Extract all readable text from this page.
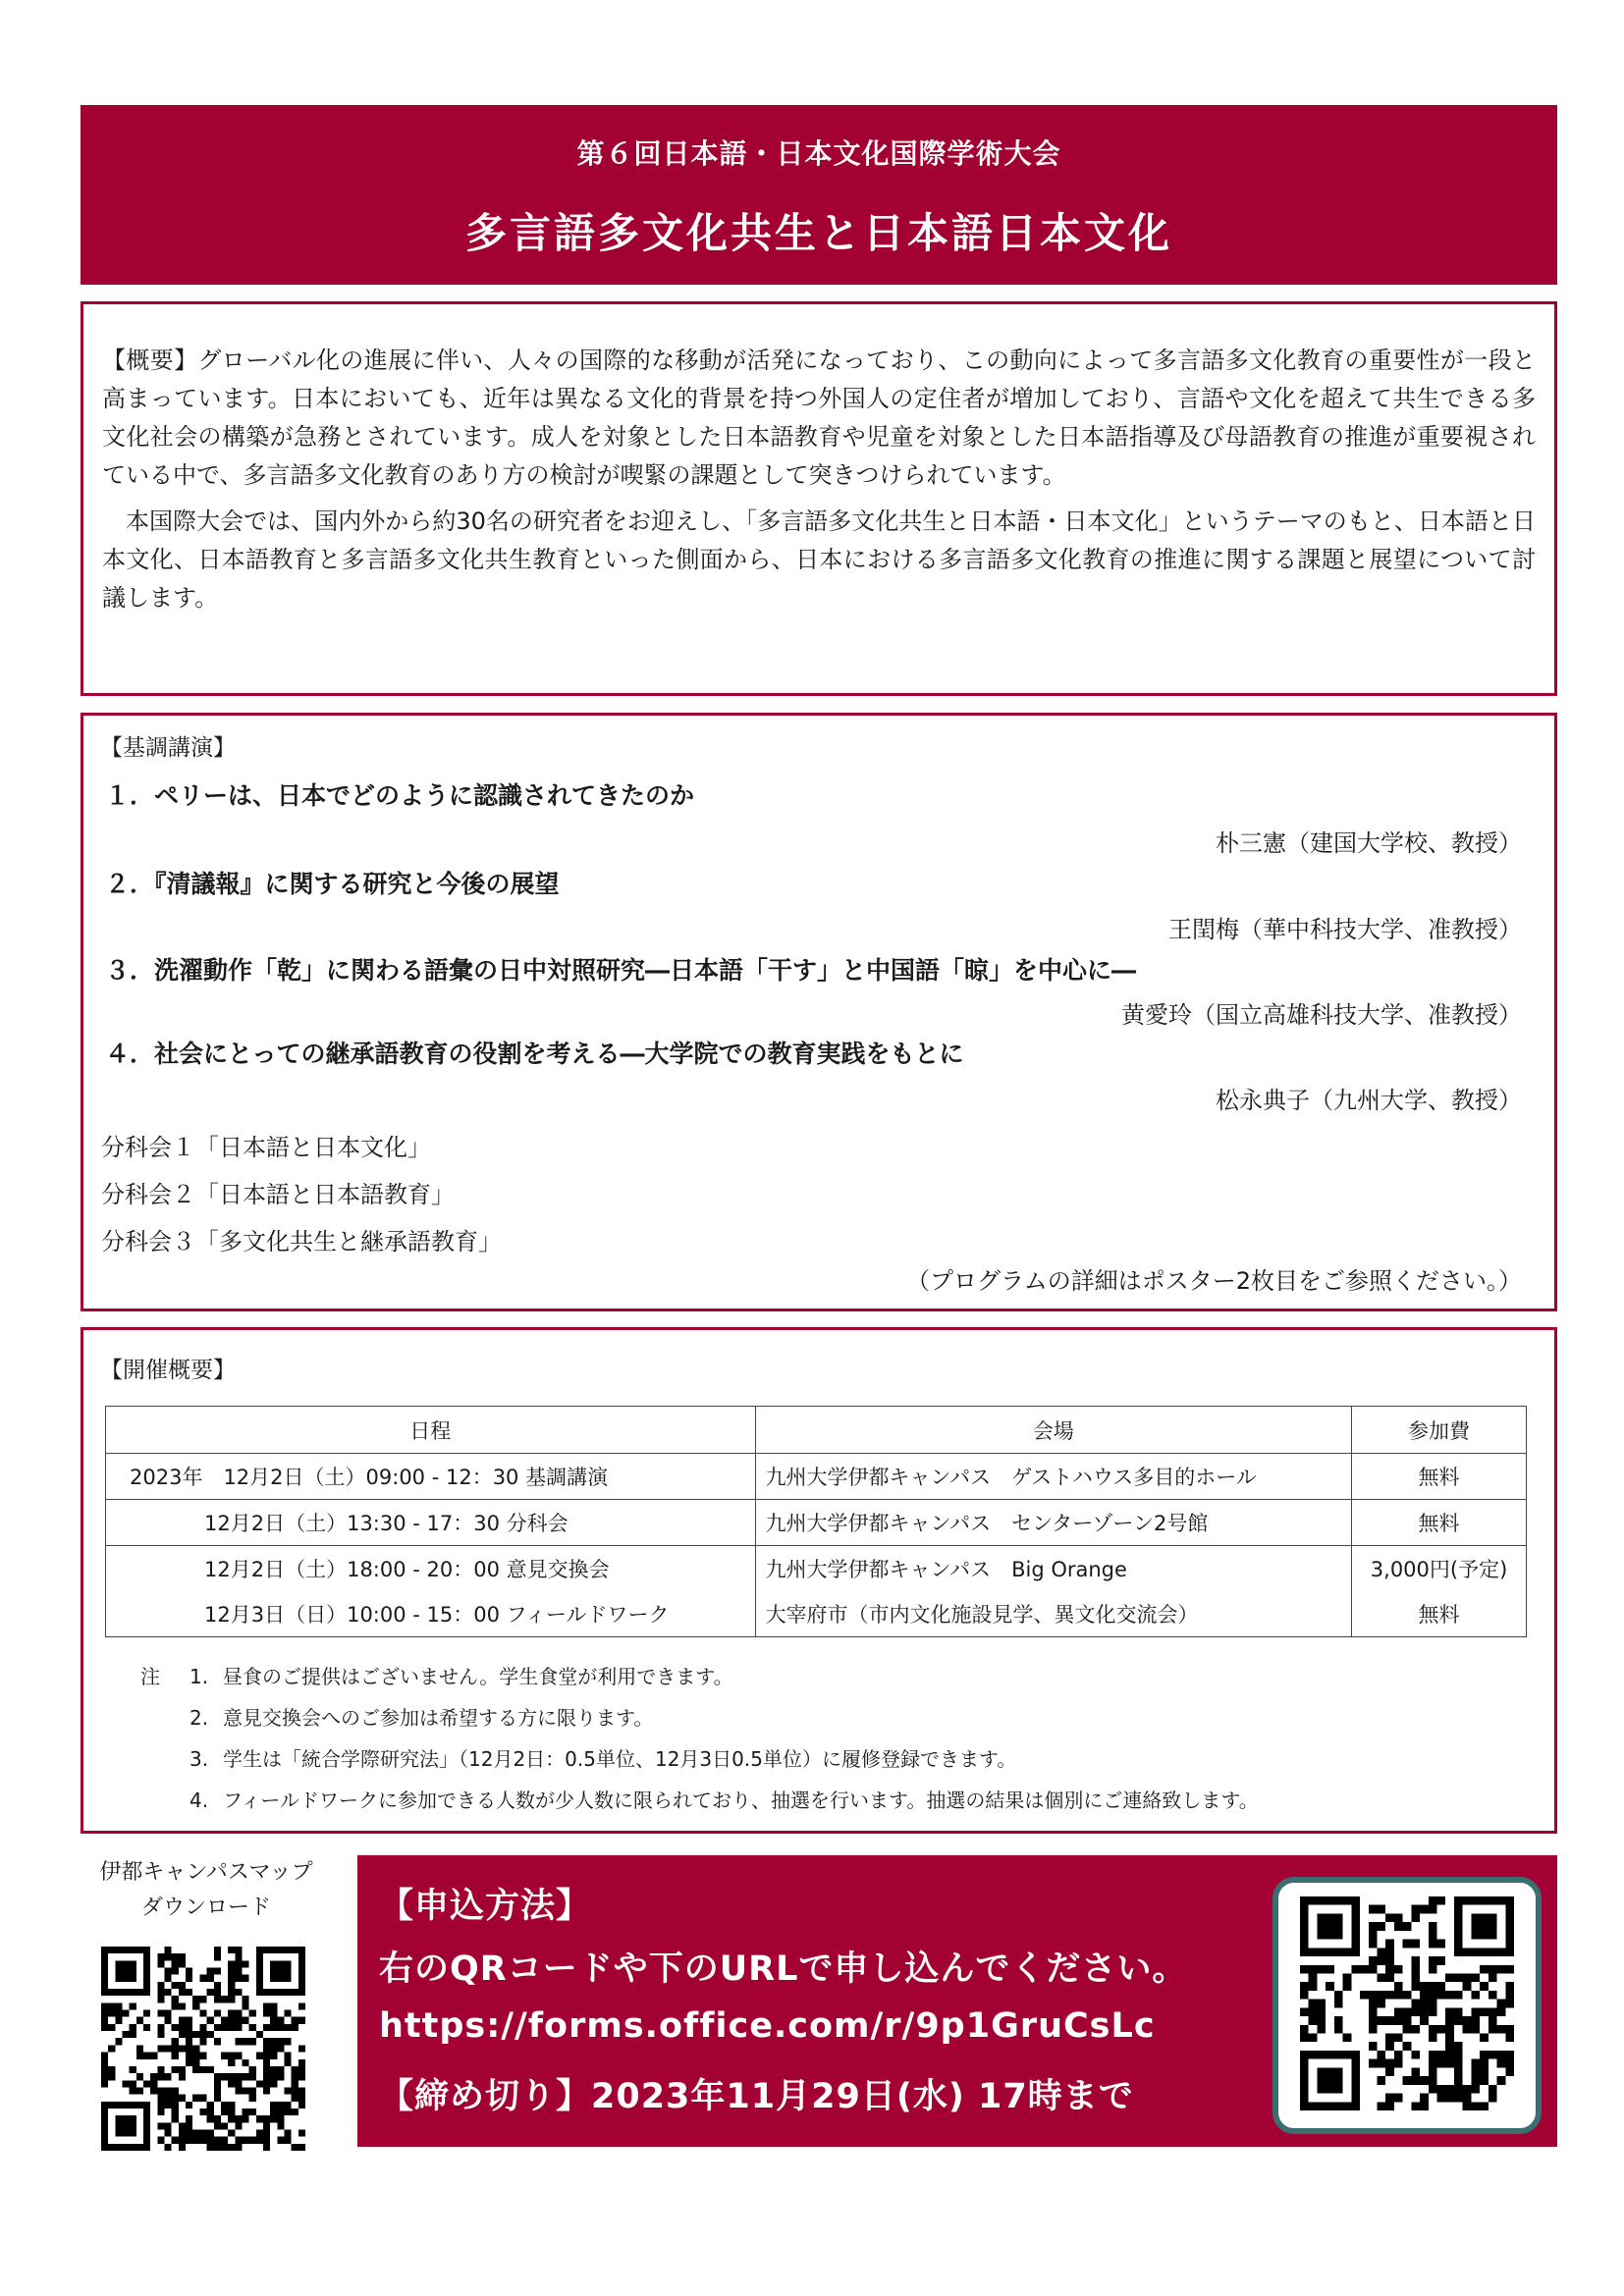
第６回日本語・日本文化国際学術大会
多言語多文化共生と日本語日本文化

【概要】グローバル化の進展に伴い、人々の国際的な移動が活発になっており、この動向によって多言語多文化教育の重要性が一段と高まっています。日本においても、近年は異なる文化的背景を持つ外国人の定住者が増加しており、言語や文化を超えて共生できる多文化社会の構築が急務とされています。成人を対象とした日本語教育や児童を対象とした日本語指導及び母語教育の推進が重要視されている中で、多言語多文化教育のあり方の検討が喫緊の課題として突きつけられています。

本国際大会では、国内外から約30名の研究者をお迎えし、「多言語多文化共生と日本語・日本文化」というテーマのもと、日本語と日本文化、日本語教育と多言語多文化共生教育といった側面から、日本における多言語多文化教育の推進に関する課題と展望について討議します。

【基調講演】
１．ペリーは、日本でどのように認識されてきたのか
朴三憲（建国大学校、教授）
２．『清議報』に関する研究と今後の展望
王閏梅（華中科技大学、准教授）
３．洗濯動作「乾」に関わる語彙の日中対照研究―日本語「干す」と中国語「晾」を中心に―
黄愛玲（国立高雄科技大学、准教授）
４．社会にとっての継承語教育の役割を考える―大学院での教育実践をもとに
松永典子（九州大学、教授）
分科会１「日本語と日本文化」
分科会２「日本語と日本語教育」
分科会３「多文化共生と継承語教育」
（プログラムの詳細はポスター2枚目をご参照ください。）
【開催概要】
日程	会場	参加費
2023年　12月2日（土）09:00 - 12：30 基調講演	九州大学伊都キャンパス　ゲストハウス多目的ホール	無料
12月2日（土）13:30 - 17：30 分科会	九州大学伊都キャンパス　センターゾーン2号館	無料
12月2日（土）18:00 - 20：00 意見交換会	九州大学伊都キャンパス　Big Orange	3,000円(予定)
12月3日（日）10:00 - 15：00 フィールドワーク	大宰府市（市内文化施設見学、異文化交流会）	無料
注	1. 昼食のご提供はございません。学生食堂が利用できます。
2. 意見交換会へのご参加は希望する方に限ります。
3. 学生は「統合学際研究法」（12月2日：0.5単位、12月3日0.5単位）に履修登録できます。
4. フィールドワークに参加できる人数が少人数に限られており、抽選を行います。抽選の結果は個別にご連絡致します。
伊都キャンパスマップ
ダウンロード	【申込方法】
右のQRコードや下のURLで申し込んでください。
https://forms.office.com/r/9p1GruCsLc
【締め切り】2023年11月29日(水) 17時まで
